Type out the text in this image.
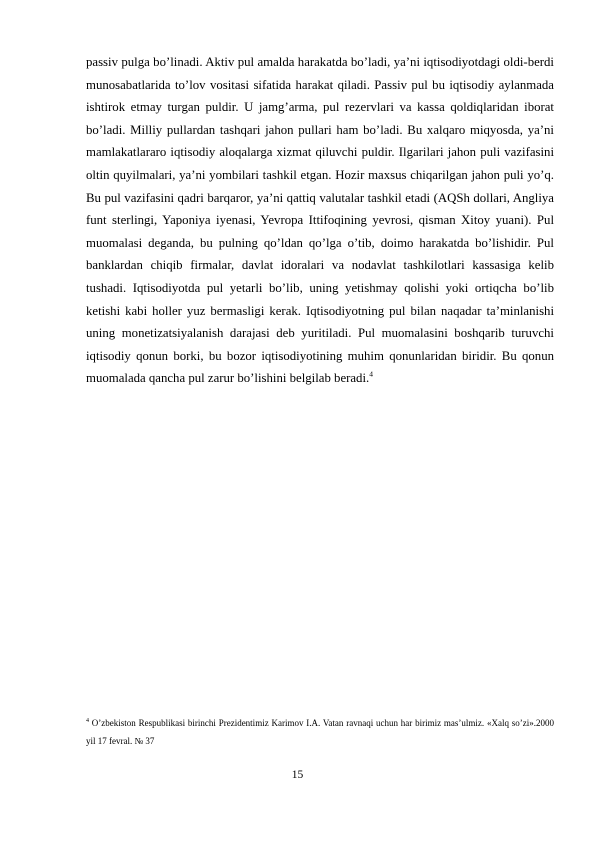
passiv pulga bo’linadi. Aktiv pul amalda harakatda bo’ladi, ya’ni iqtisodiyotdagi oldi-berdi munosabatlarida to’lov vositasi sifatida harakat qiladi. Passiv pul bu iqtisodiy aylanmada ishtirok etmay turgan puldir. U jamg’arma, pul rezervlari va kassa qoldiqlaridan iborat bo’ladi. Milliy pullardan tashqari jahon pullari ham bo’ladi. Bu xalqaro miqyosda, ya’ni mamlakatlararo iqtisodiy aloqalarga xizmat qiluvchi puldir. Ilgarilari jahon puli vazifasini oltin quyilmalari, ya’ni yombilari tashkil etgan. Hozir maxsus chiqarilgan jahon puli yo’q. Bu pul vazifasini qadri barqaror, ya’ni qattiq valutalar tashkil etadi (AQSh dollari, Angliya funt sterlingi, Yaponiya iyenasi, Yevropa Ittifoqining yevrosi, qisman Xitoy yuani). Pul muomalasi deganda, bu pulning qo’ldan qo’lga o’tib, doimo harakatda bo’lishidir. Pul banklardan chiqib firmalar, davlat idoralari va nodavlat tashkilotlari kassasiga kelib tushadi. Iqtisodiyotda pul yetarli bo’lib, uning yetishmay qolishi yoki ortiqcha bo’lib ketishi kabi holler yuz bermasligi kerak. Iqtisodiyotning pul bilan naqadar ta’minlanishi uning monetizatsiyalanish darajasi deb yuritiladi. Pul muomalasini boshqarib turuvchi iqtisodiy qonun borki, bu bozor iqtisodiyotining muhim qonunlaridan biridir. Bu qonun muomalada qancha pul zarur bo’lishini belgilab beradi.$^4$

$^4$ O’zbekiston Respublikasi birinchi Prezidentimiz Karimov I.A. Vatan ravnaqi uchun har birimiz mas’ulmiz. «Xalq so’zi».2000 yil 17 fevral. № 37

15
